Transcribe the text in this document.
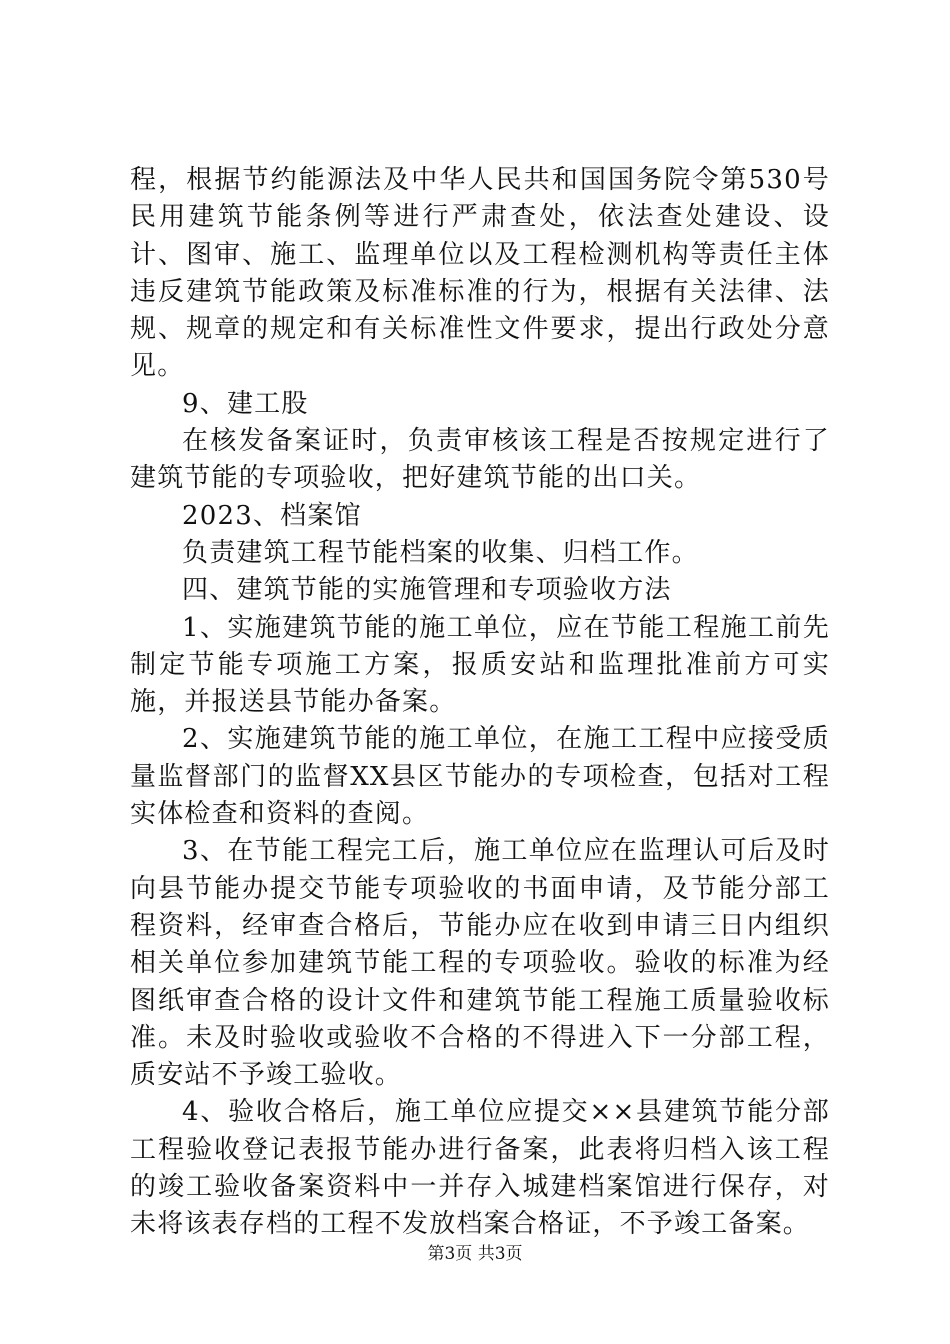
程，根据节约能源法及中华人民共和国国务院令第530号民用建筑节能条例等进行严肃查处，依法查处建设、设计、图审、施工、监理单位以及工程检测机构等责任主体违反建筑节能政策及标准标准的行为，根据有关法律、法规、规章的规定和有关标准性文件要求，提出行政处分意见。

9、建工股

在核发备案证时，负责审核该工程是否按规定进行了建筑节能的专项验收，把好建筑节能的出口关。

2023、档案馆

负责建筑工程节能档案的收集、归档工作。

四、建筑节能的实施管理和专项验收方法

1、实施建筑节能的施工单位，应在节能工程施工前先制定节能专项施工方案，报质安站和监理批准前方可实施，并报送县节能办备案。

2、实施建筑节能的施工单位，在施工工程中应接受质量监督部门的监督XX县区节能办的专项检查，包括对工程实体检查和资料的查阅。

3、在节能工程完工后，施工单位应在监理认可后及时向县节能办提交节能专项验收的书面申请，及节能分部工程资料，经审查合格后，节能办应在收到申请三日内组织相关单位参加建筑节能工程的专项验收。验收的标准为经图纸审查合格的设计文件和建筑节能工程施工质量验收标准。未及时验收或验收不合格的不得进入下一分部工程，质安站不予竣工验收。

4、验收合格后，施工单位应提交××县建筑节能分部工程验收登记表报节能办进行备案，此表将归档入该工程的竣工验收备案资料中一并存入城建档案馆进行保存，对未将该表存档的工程不发放档案合格证，不予竣工备案。

第3页 共3页
